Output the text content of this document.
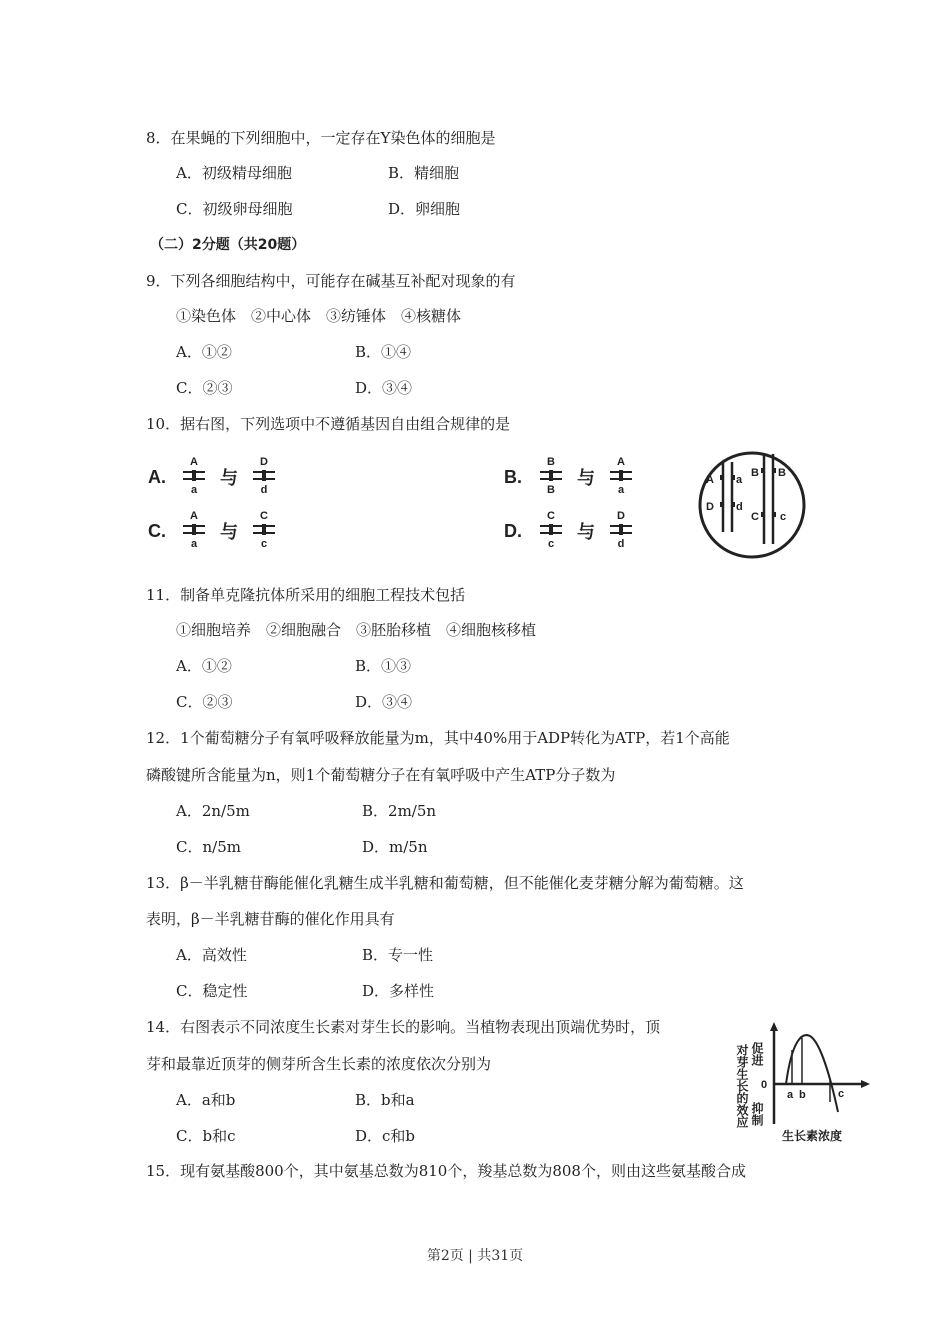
8．在果蝇的下列细胞中，一定存在Y染色体的细胞是
A．初级精母细胞	B．精细胞
C．初级卵母细胞	D．卵细胞
（二）2分题（共20题）
9．下列各细胞结构中，可能存在碱基互补配对现象的有
①染色体　②中心体　③纺锤体　④核糖体
A．①②	B．①④
C．②③	D．③④
10．据右图，下列选项中不遵循基因自由组合规律的是
A.
A
a
与
D
d
B.
B
B
与
A
a
C.
A
a
与
C
c
D.
C
c
与
D
d
A a
D d
B B
C c
11．制备单克隆抗体所采用的细胞工程技术包括
①细胞培养　②细胞融合　③胚胎移植　④细胞核移植
A．①②	B．①③
C．②③	D．③④
12．1个葡萄糖分子有氧呼吸释放能量为m，其中40%用于ADP转化为ATP，若1个高能
磷酸键所含能量为n，则1个葡萄糖分子在有氧呼吸中产生ATP分子数为
A．2n/5m	B．2m/5n
C．n/5m	D．m/5n
13．β－半乳糖苷酶能催化乳糖生成半乳糖和葡萄糖，但不能催化麦芽糖分解为葡萄糖。这
表明，β－半乳糖苷酶的催化作用具有
A．高效性	B．专一性
C．稳定性	D．多样性
14．右图表示不同浓度生长素对芽生长的影响。当植物表现出顶端优势时，顶
芽和最靠近顶芽的侧芽所含生长素的浓度依次分别为
A．a和b	B．b和a
C．b和c	D．c和b
促进
对芽生长的效应 0
抑制
a b	c
生长素浓度
15．现有氨基酸800个，其中氨基总数为810个，羧基总数为808个，则由这些氨基酸合成
第2页 | 共31页
